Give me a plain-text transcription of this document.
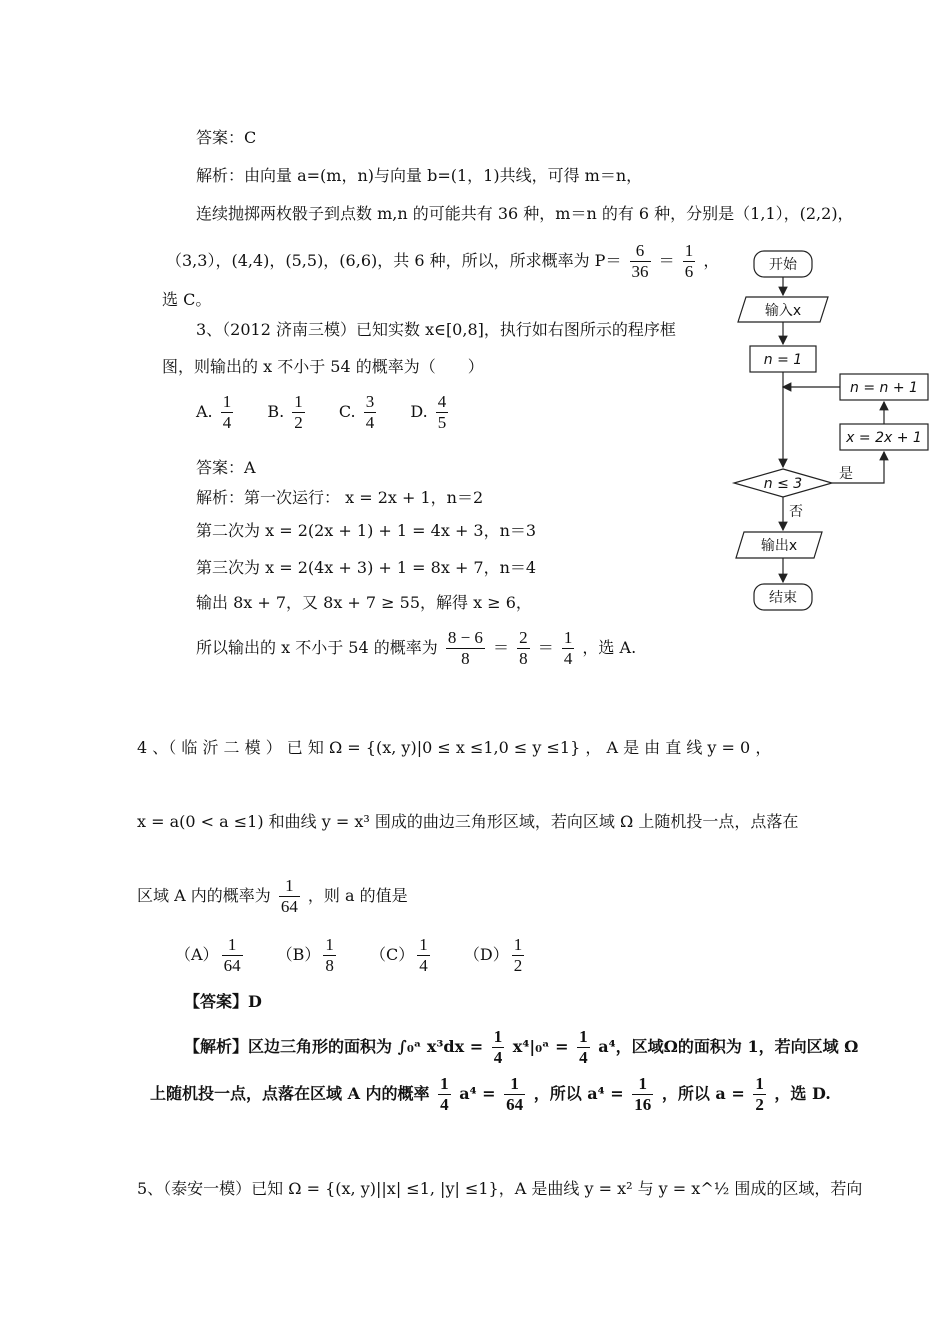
答案：C
解析：由向量 a=(m，n)与向量 b=(1，1)共线，可得 m＝n，
连续抛掷两枚骰子到点数 m,n 的可能共有 36 种，m＝n 的有 6 种，分别是（1,1），(2,2)，
（3,3），(4,4)，(5,5)，(6,6)，共 6 种，所以，所求概率为 $P= \frac{6}{36} = \frac{1}{6}$ ，
选 C。
3、（2012 济南三模）已知实数 x∈[0,8]，执行如右图所示的程序框
图，则输出的 x 不小于 54 的概率为（　　）
A. $\frac{1}{4} B$. $\frac{1}{2} C$. $\frac{3}{4} D$. $\frac{4}{5}$
答案：A
解析：第一次运行： x = 2x + 1，n＝2
第二次为 x = 2(2x + 1) + 1 = 4x + 3，n＝3
第三次为 x = 2(4x + 3) + 1 = 8x + 7，n＝4
输出 8x + 7，又 8x + 7 ≥ 55，解得 x ≥ 6，
所以输出的 x 不小于 54 的概率为 $\frac{8 - 6}{8} = \frac{2}{8} = \frac{1}{4}$ ，选 A.
开始
输入x
n = 1
n = n + 1
x = 2x + 1
n ≤ 3
是
否
输出x
结束
4 、（ 临 沂 二 模 ） 已 知 Ω = {(x, y)|0 ≤ x ≤1,0 ≤ y ≤1} ， A 是 由 直 线 y = 0 ，
x = a(0 < a ≤1) 和曲线 y = x³ 围成的曲边三角形区域，若向区域 Ω 上随机投一点，点落在
区域 A 内的概率为 $\frac{1}{64}$ ，则 a 的值是
$(A) \frac{1}{64} (B) \frac{1}{8} (C) \frac{1}{4} (D) \frac{1}{2}$
【答案】D
【解析】区边三角形的面积为 ∫₀ᵃ $x^3dx = \frac{1}{4}$ x⁴|₀ᵃ = $\frac{1}{4} a^4$，区域Ω的面积为 1，若向区域 Ω
上随机投一点，点落在区域 A 内的概率 $\frac{1}{4} a^4 = \frac{1}{64}$ ，所以 $a^4 = \frac{1}{16}$ ，所以 $a = \frac{1}{2}$ ，选 D.
5、（泰安一模）已知 Ω = {(x, y)||x| ≤1, |y| ≤1}，A 是曲线 y = x² 与 y = x^½ 围成的区域，若向
